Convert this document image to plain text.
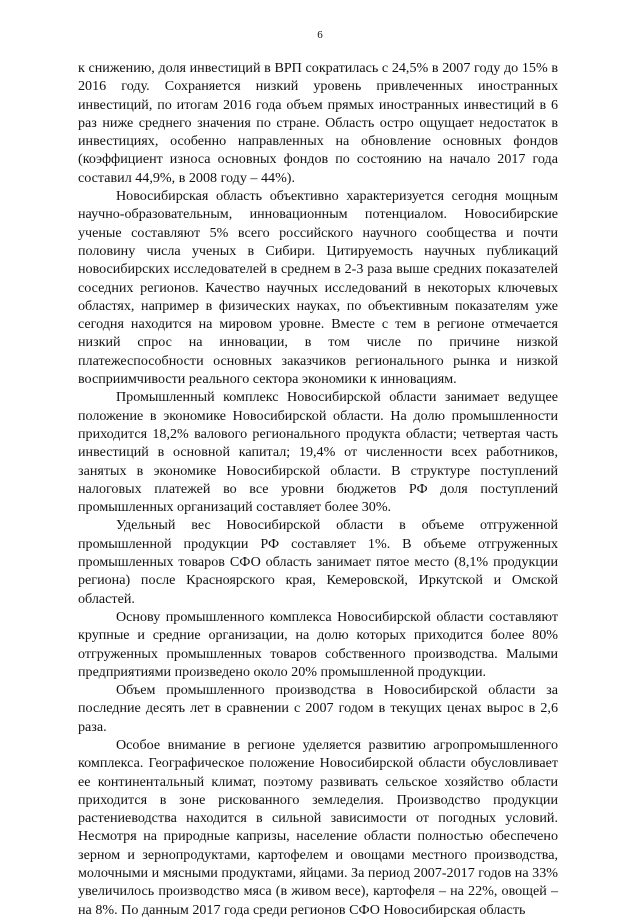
6

к снижению, доля инвестиций в ВРП сократилась с 24,5% в 2007 году до 15% в 2016 году. Сохраняется низкий уровень привлеченных иностранных инвестиций, по итогам 2016 года объем прямых иностранных инвестиций в 6 раз ниже среднего значения по стране. Область остро ощущает недостаток в инвестициях, особенно направленных на обновление основных фондов (коэффициент износа основных фондов по состоянию на начало 2017 года составил 44,9%, в 2008 году – 44%).

Новосибирская область объективно характеризуется сегодня мощным научно-образовательным, инновационным потенциалом. Новосибирские ученые составляют 5% всего российского научного сообщества и почти половину числа ученых в Сибири. Цитируемость научных публикаций новосибирских исследователей в среднем в 2-3 раза выше средних показателей соседних регионов. Качество научных исследований в некоторых ключевых областях, например в физических науках, по объективным показателям уже сегодня находится на мировом уровне. Вместе с тем в регионе отмечается низкий спрос на инновации, в том числе по причине низкой платежеспособности основных заказчиков регионального рынка и низкой восприимчивости реального сектора экономики к инновациям.

Промышленный комплекс Новосибирской области занимает ведущее положение в экономике Новосибирской области. На долю промышленности приходится 18,2% валового регионального продукта области; четвертая часть инвестиций в основной капитал; 19,4% от численности всех работников, занятых в экономике Новосибирской области. В структуре поступлений налоговых платежей во все уровни бюджетов РФ доля поступлений промышленных организаций составляет более 30%.

Удельный вес Новосибирской области в объеме отгруженной промышленной продукции РФ составляет 1%. В объеме отгруженных промышленных товаров СФО область занимает пятое место (8,1% продукции региона) после Красноярского края, Кемеровской, Иркутской и Омской областей.

Основу промышленного комплекса Новосибирской области составляют крупные и средние организации, на долю которых приходится более 80% отгруженных промышленных товаров собственного производства. Малыми предприятиями произведено около 20% промышленной продукции.

Объем промышленного производства в Новосибирской области за последние десять лет в сравнении с 2007 годом в текущих ценах вырос в 2,6 раза.

Особое внимание в регионе уделяется развитию агропромышленного комплекса. Географическое положение Новосибирской области обусловливает ее континентальный климат, поэтому развивать сельское хозяйство области приходится в зоне рискованного земледелия. Производство продукции растениеводства находится в сильной зависимости от погодных условий. Несмотря на природные капризы, население области полностью обеспечено зерном и зернопродуктами, картофелем и овощами местного производства, молочными и мясными продуктами, яйцами. За период 2007-2017 годов на 33% увеличилось производство мяса (в живом весе), картофеля – на 22%, овощей – на 8%. По данным 2017 года среди регионов СФО Новосибирская область
